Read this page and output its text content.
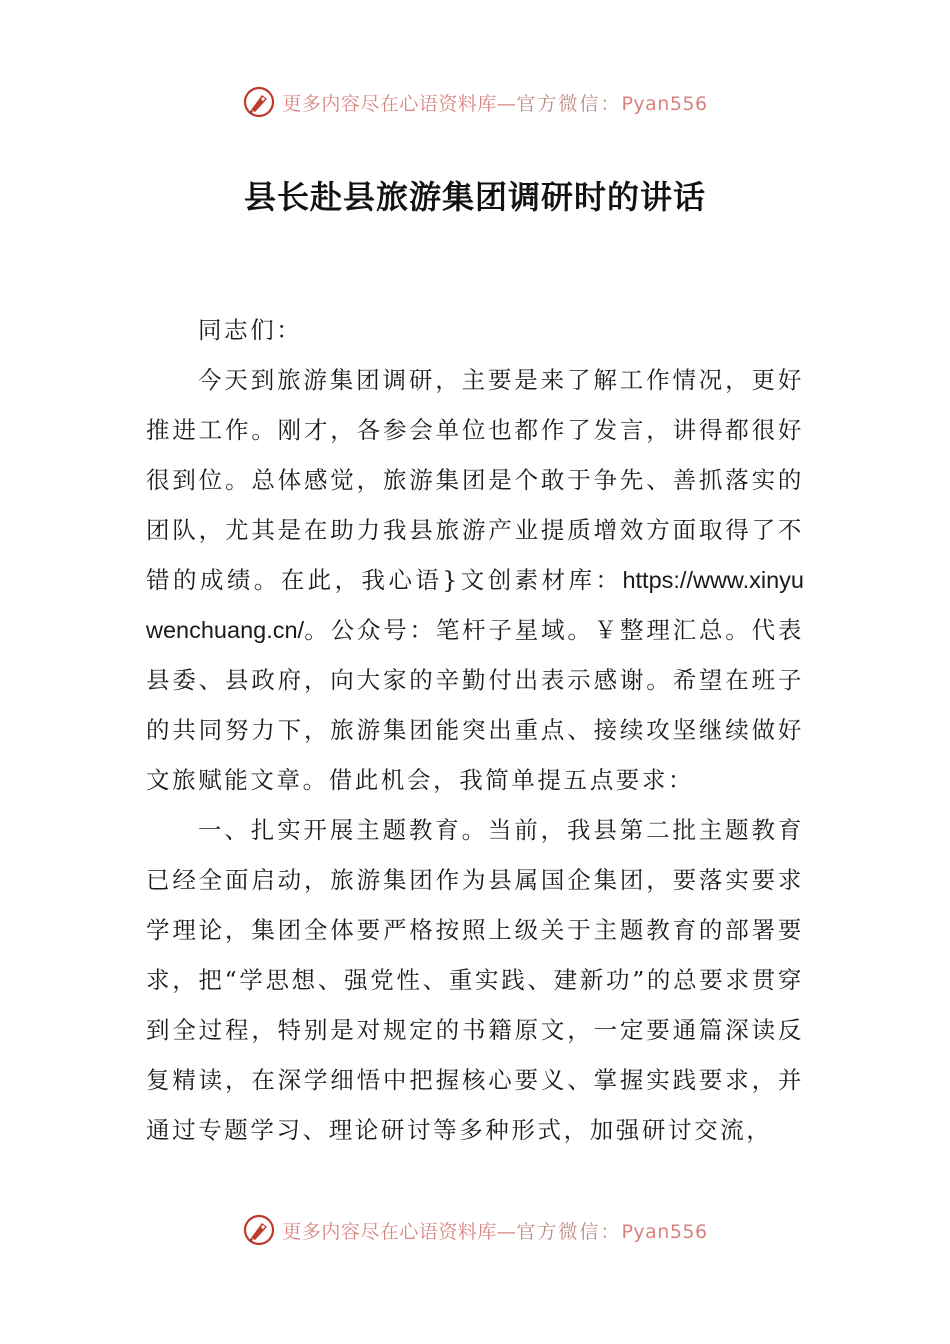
更多内容尽在心语资料库—官方微信：Pyan556
县长赴县旅游集团调研时的讲话

同志们：

今天到旅游集团调研，主要是来了解工作情况，更好推进工作。刚才，各参会单位也都作了发言，讲得都很好很到位。总体感觉，旅游集团是个敢于争先、善抓落实的团队，尤其是在助力我县旅游产业提质增效方面取得了不错的成绩。在此，我心语}文创素材库：https://www.xinyuwenchuang.cn/。公众号：笔杆子星域。￥整理汇总。代表县委、县政府，向大家的辛勤付出表示感谢。希望在班子的共同努力下，旅游集团能突出重点、接续攻坚继续做好文旅赋能文章。借此机会，我简单提五点要求：

一、扎实开展主题教育。当前，我县第二批主题教育已经全面启动，旅游集团作为县属国企集团，要落实要求学理论，集团全体要严格按照上级关于主题教育的部署要求，把“学思想、强党性、重实践、建新功”的总要求贯穿到全过程，特别是对规定的书籍原文，一定要通篇深读反复精读，在深学细悟中把握核心要义、掌握实践要求，并通过专题学习、理论研讨等多种形式，加强研讨交流，

更多内容尽在心语资料库—官方微信：Pyan556
